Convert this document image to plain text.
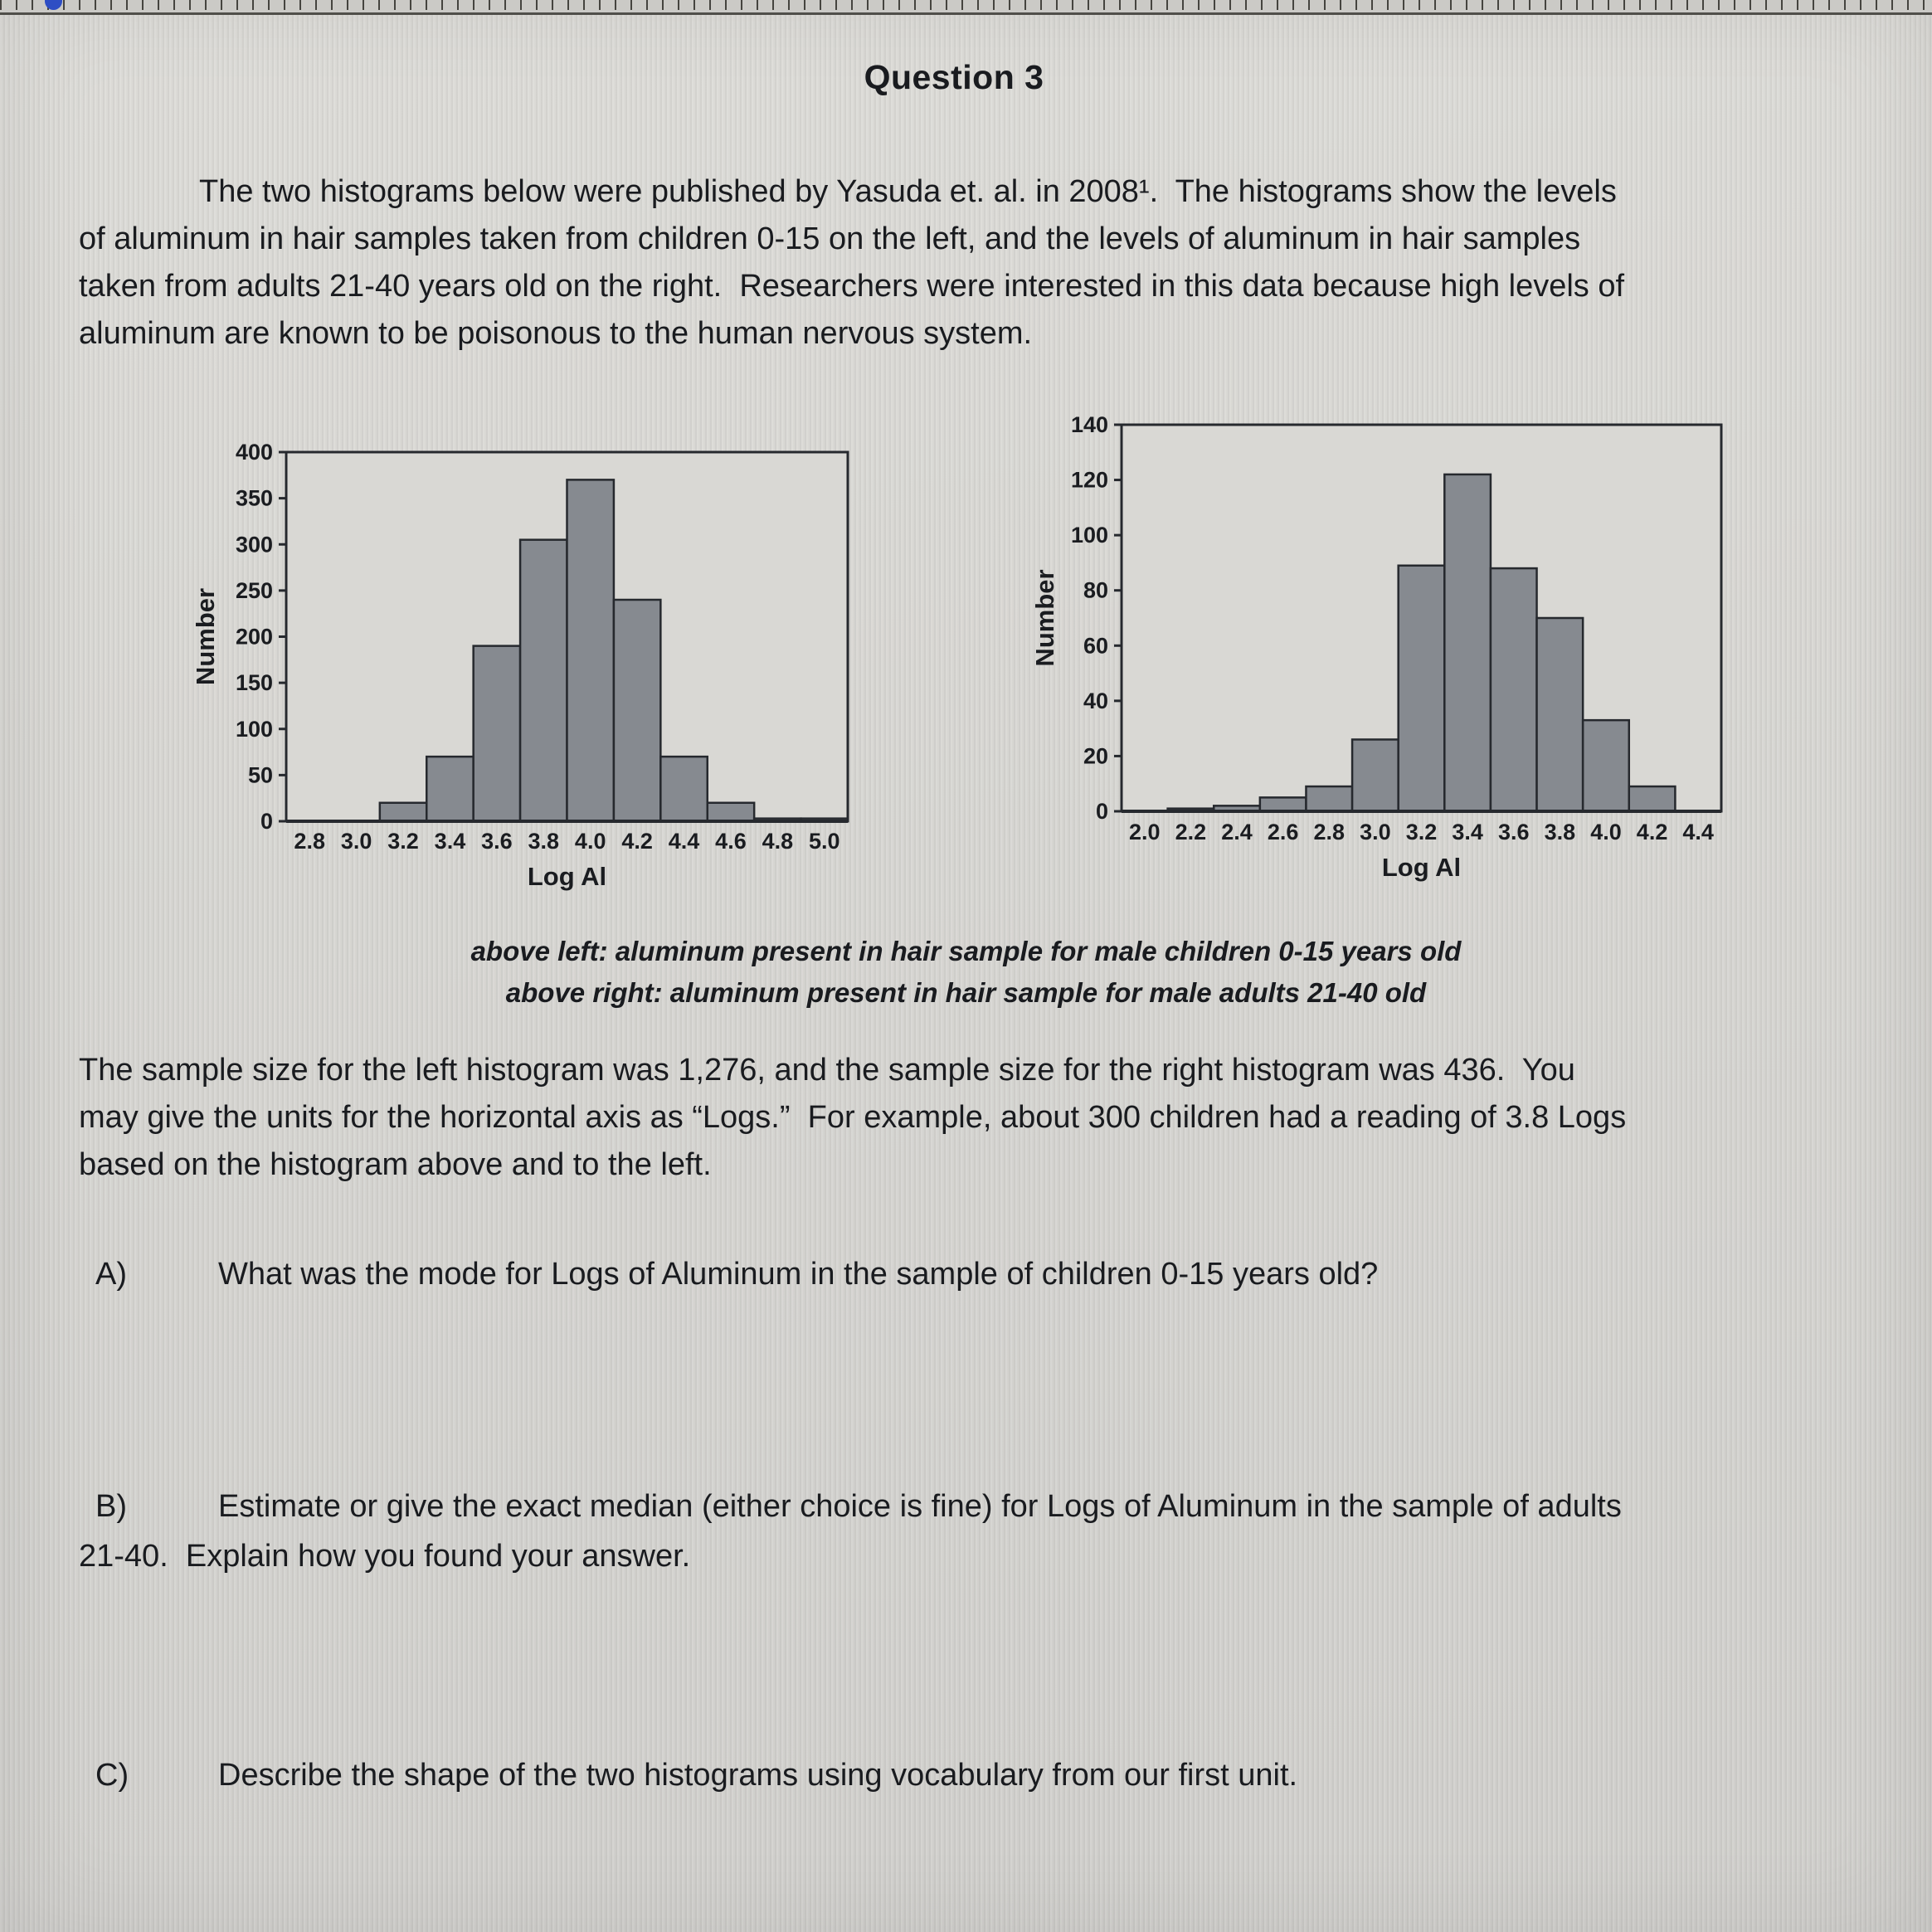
Question 3
The two histograms below were published by Yasuda et. al. in 2008¹.  The histograms show the levels
of aluminum in hair samples taken from children 0-15 on the left, and the levels of aluminum in hair samples
taken from adults 21-40 years old on the right.  Researchers were interested in this data because high levels of
aluminum are known to be poisonous to the human nervous system.
0
50
100
150
200
250
300
350
400
2.8 3.0 3.2 3.4 3.6 3.8 4.0 4.2 4.4 4.6 4.8 5.0
Log Al
Number
0
20
40
60
80
100
120
140
2.0 2.2 2.4 2.6 2.8 3.0 3.2 3.4 3.6 3.8 4.0 4.2 4.4
Log Al
Number
above left: aluminum present in hair sample for male children 0-15 years old
above right: aluminum present in hair sample for male adults 21-40 old
The sample size for the left histogram was 1,276, and the sample size for the right histogram was 436.  You
may give the units for the horizontal axis as “Logs.”  For example, about 300 children had a reading of 3.8 Logs
based on the histogram above and to the left.
A)	What was the mode for Logs of Aluminum in the sample of children 0-15 years old?
B)	Estimate or give the exact median (either choice is fine) for Logs of Aluminum in the sample of adults
21-40.  Explain how you found your answer.
C)	Describe the shape of the two histograms using vocabulary from our first unit.
